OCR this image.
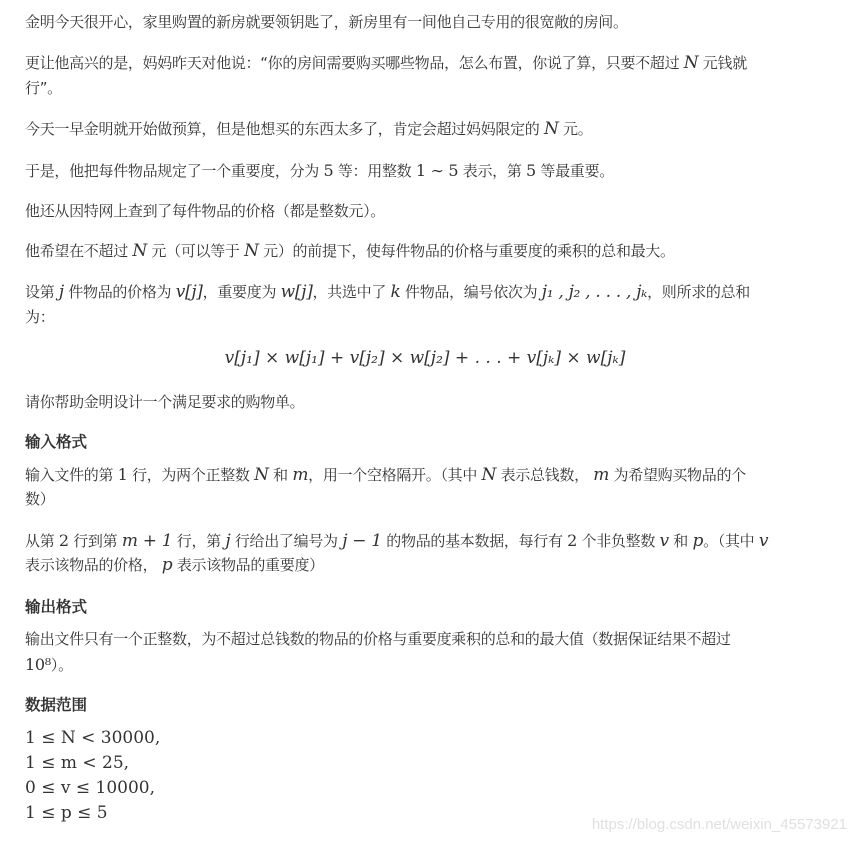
金明今天很开心，家里购置的新房就要领钥匙了，新房里有一间他自己专用的很宽敞的房间。
更让他高兴的是，妈妈昨天对他说：“你的房间需要购买哪些物品，怎么布置，你说了算，只要不超过 N 元钱就
行”。
今天一早金明就开始做预算，但是他想买的东西太多了，肯定会超过妈妈限定的 N 元。
于是，他把每件物品规定了一个重要度，分为 5 等：用整数 1 ∼ 5 表示，第 5 等最重要。
他还从因特网上查到了每件物品的价格（都是整数元）。
他希望在不超过 N 元（可以等于 N 元）的前提下，使每件物品的价格与重要度的乘积的总和最大。
设第 j 件物品的价格为 v[j]，重要度为 w[j]，共选中了 k 件物品，编号依次为 j₁ , j₂ , . . . , jₖ，则所求的总和
为：
v[j₁] × w[j₁] + v[j₂] × w[j₂] + . . . + v[jₖ] × w[jₖ]
请你帮助金明设计一个满足要求的购物单。
输入格式
输入文件的第 1 行，为两个正整数 N 和 m，用一个空格隔开。（其中 N 表示总钱数， m 为希望购买物品的个
数）
从第 2 行到第 m + 1 行，第 j 行给出了编号为 j − 1 的物品的基本数据，每行有 2 个非负整数 v 和 p。（其中 v
表示该物品的价格， p 表示该物品的重要度）
输出格式
输出文件只有一个正整数，为不超过总钱数的物品的价格与重要度乘积的总和的最大值（数据保证结果不超过
10⁸）。
数据范围
1 ≤ N < 30000,
1 ≤ m < 25,
0 ≤ v ≤ 10000,
1 ≤ p ≤ 5
https://blog.csdn.net/weixin_45573921
